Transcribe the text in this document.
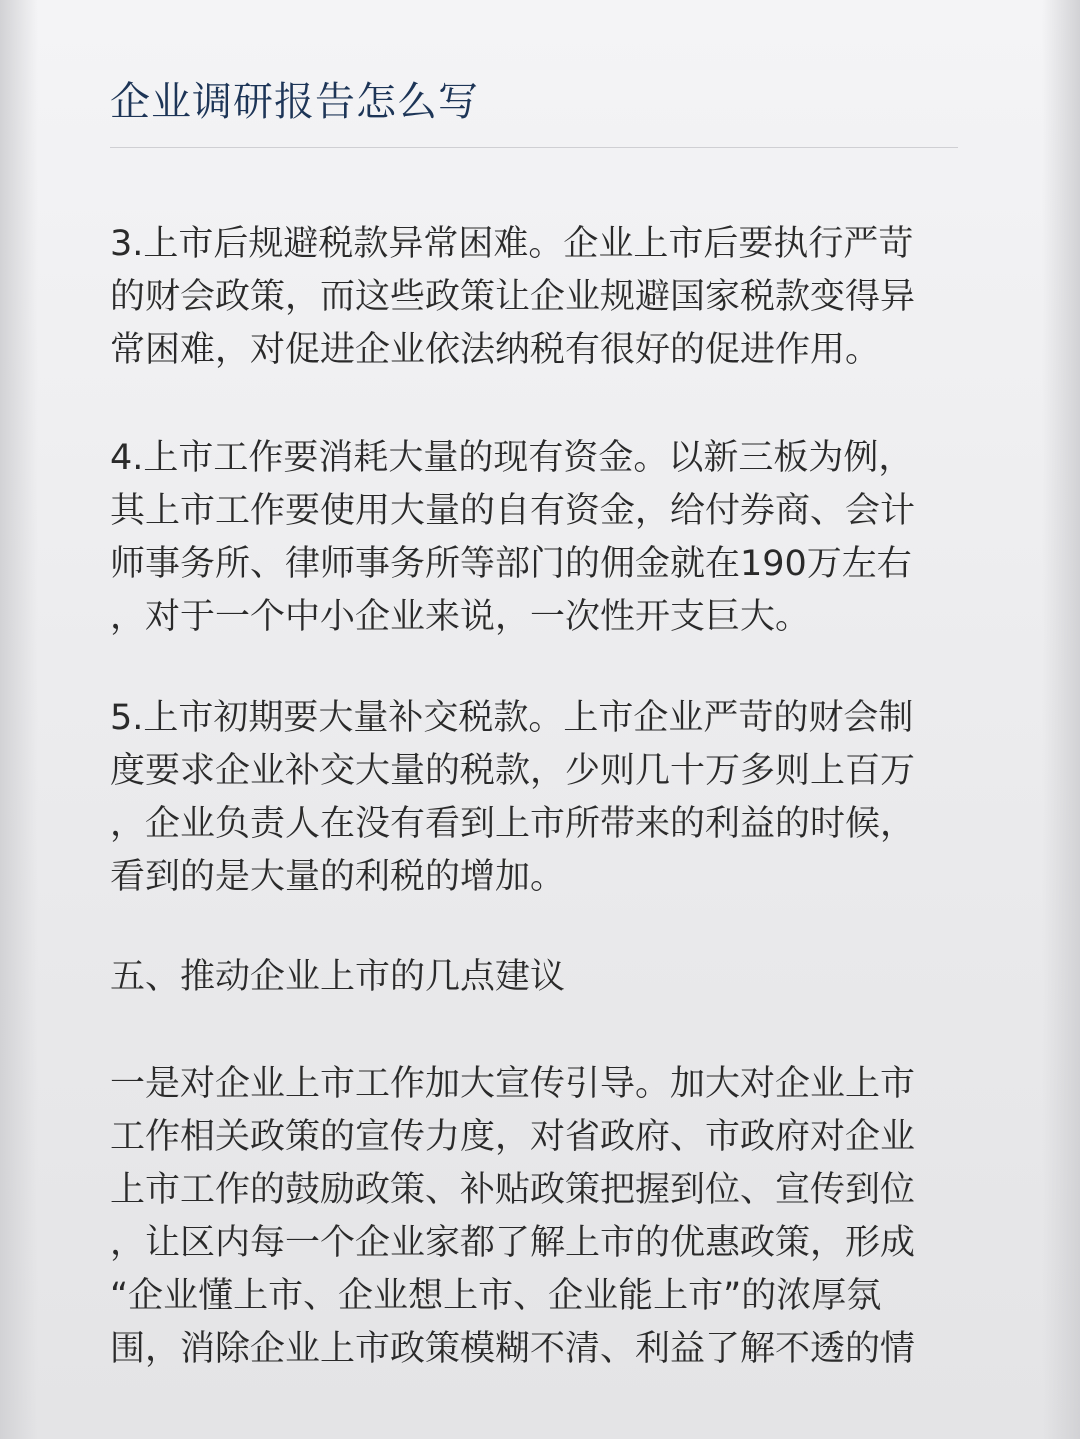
企业调研报告怎么写

3.上市后规避税款异常困难。企业上市后要执行严苛
的财会政策，而这些政策让企业规避国家税款变得异
常困难，对促进企业依法纳税有很好的促进作用。

4.上市工作要消耗大量的现有资金。以新三板为例，
其上市工作要使用大量的自有资金，给付券商、会计
师事务所、律师事务所等部门的佣金就在190万左右
，对于一个中小企业来说，一次性开支巨大。

5.上市初期要大量补交税款。上市企业严苛的财会制
度要求企业补交大量的税款，少则几十万多则上百万
，企业负责人在没有看到上市所带来的利益的时候，
看到的是大量的利税的增加。

五、推动企业上市的几点建议

一是对企业上市工作加大宣传引导。加大对企业上市
工作相关政策的宣传力度，对省政府、市政府对企业
上市工作的鼓励政策、补贴政策把握到位、宣传到位
，让区内每一个企业家都了解上市的优惠政策，形成
“企业懂上市、企业想上市、企业能上市”的浓厚氛
围，消除企业上市政策模糊不清、利益了解不透的情
